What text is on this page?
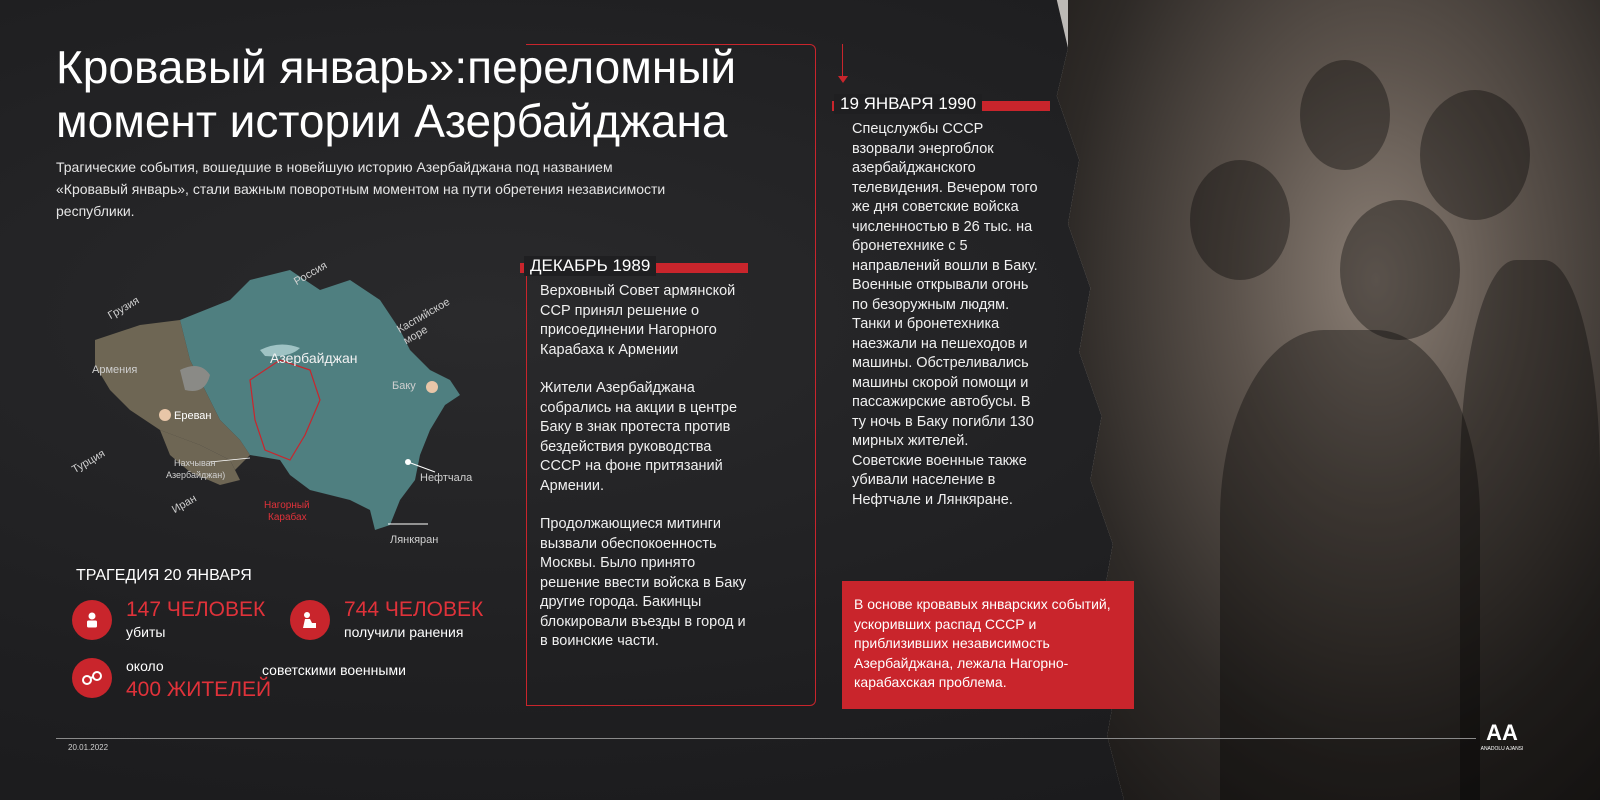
Кровавый январь»:переломный
момент истории Азербайджана
Трагические события, вошедшие в новейшую историю Азербайджана под названием «Кровавый январь», стали важным поворотным моментом на пути обретения независимости республики.
Россия
Грузия	Каспийское море
Азербайджан
Армения
Баку
Ереван
Турция	Нахчыван
Азербайджан)	Нефтчала
Иран	Нагорный
Карабах
Лянкяран
ТРАГЕДИЯ 20 ЯНВАРЯ
147 ЧЕЛОВЕК
убиты
744 ЧЕЛОВЕК
получили ранения
около
400 ЖИТЕЛЕЙ
советскими военными
ДЕКАБРЬ 1989

Верховный Совет армянской ССР принял решение о присоединении Нагорного Карабаха к Армении

Жители Азербайджана собрались на акции в центре Баку в знак протеста против бездействия руководства СССР на фоне притязаний Армении.

Продолжающиеся митинги вызвали обеспокоенность Москвы. Было принято решение ввести войска в Баку другие города. Бакинцы блокировали въезды в город и в воинские части.

19 ЯНВАРЯ 1990
Спецслужбы СССР взорвали энергоблок азербайджанского телевидения. Вечером того же дня советские войска численностью в 26 тыс. на бронетехнике с 5 направлений вошли в Баку. Военные открывали огонь по безоружным людям. Танки и бронетехника наезжали на пешеходов и машины. Обстреливались машины скорой помощи и пассажирские автобусы. В ту ночь в Баку погибли 130 мирных жителей. Советские военные также убивали население в Нефтчале и Лянкяране.
В основе кровавых январских событий, ускоривших распад СССР и приблизивших независимость Азербайджана, лежала Нагорно-карабахская проблема.
20.01.2022
AA
ANADOLU AJANSI
